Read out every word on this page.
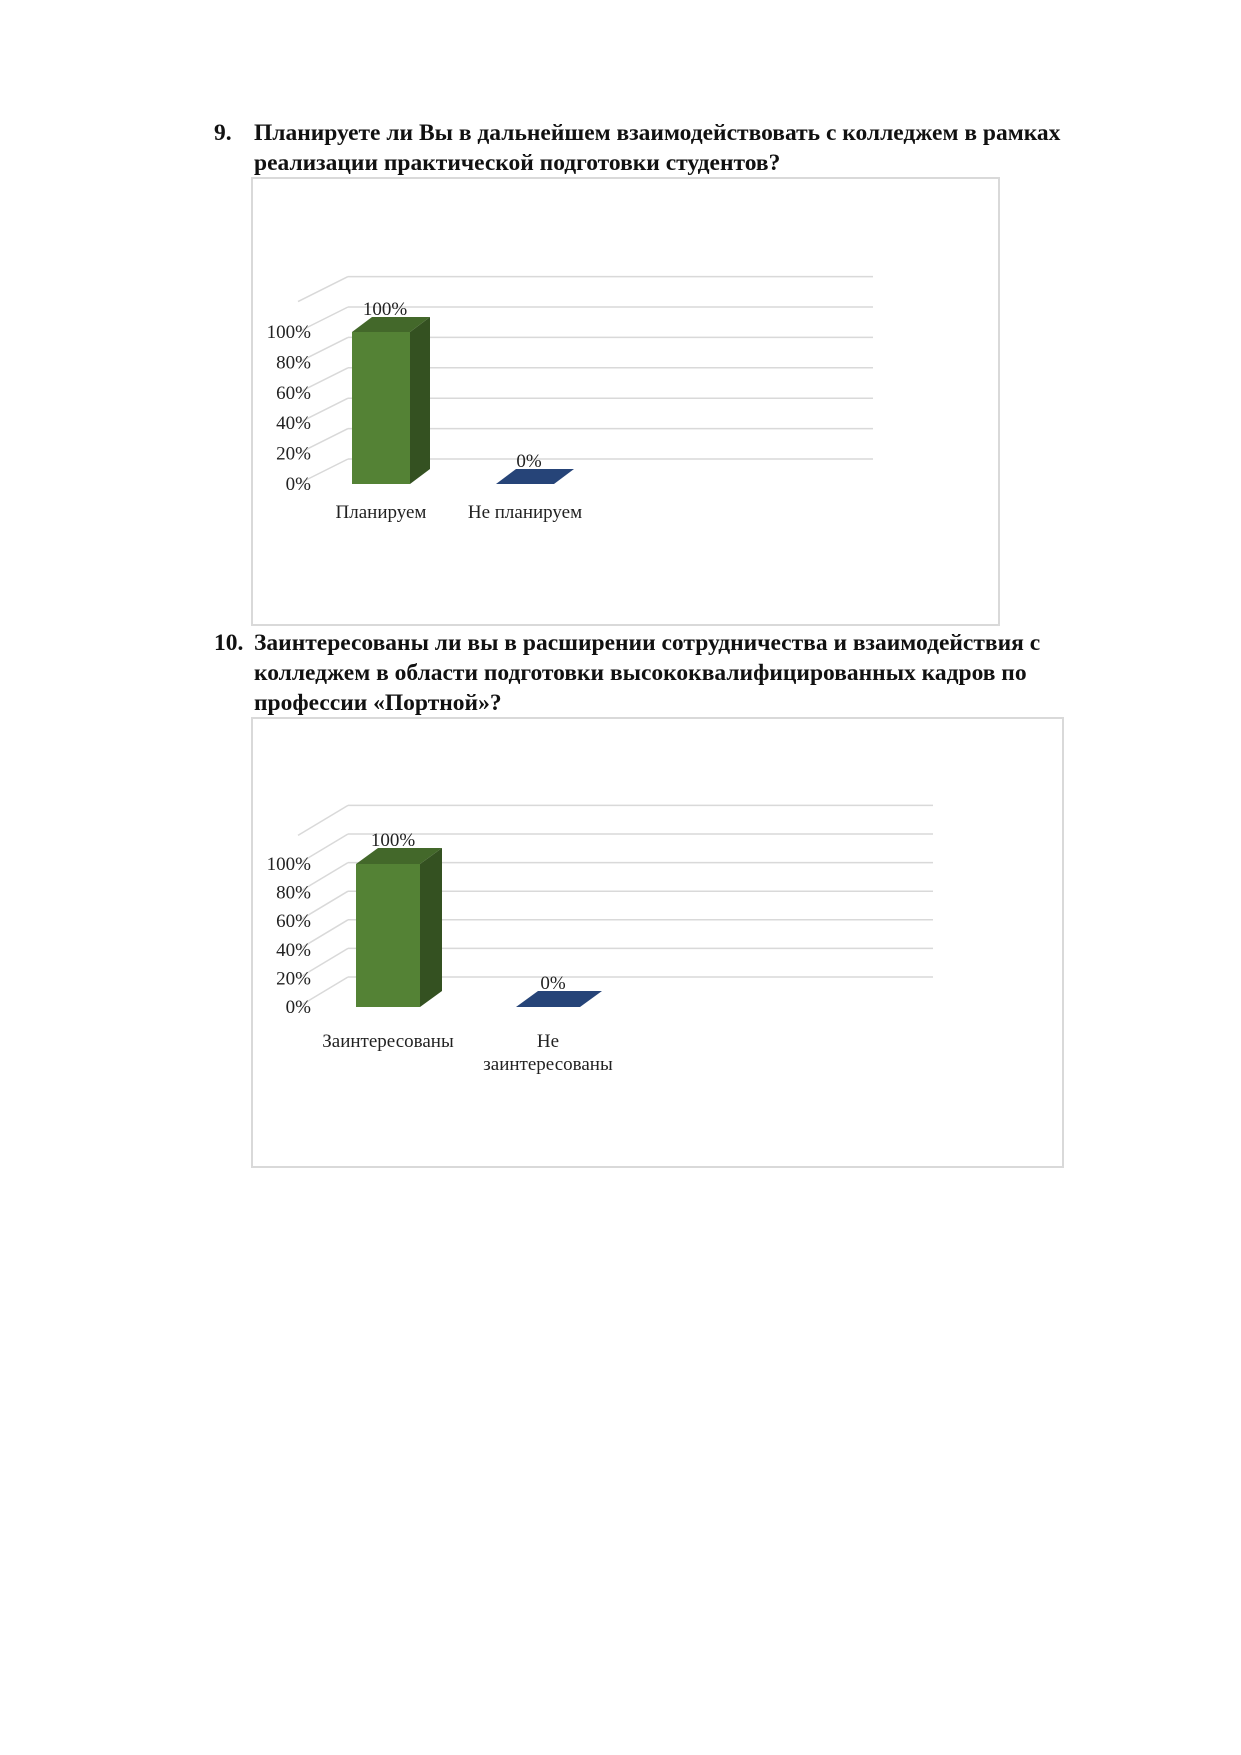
9. Планируете ли Вы в дальнейшем взаимодействовать с колледжем в рамках
реализации практической подготовки студентов?
0%
20%
40%
60%
80%
100%
100%
Планируем
0%
Не планируем
10. Заинтересованы ли вы в расширении сотрудничества и взаимодействия с
колледжем в области подготовки высококвалифицированных кадров по
профессии «Портной»?
0%
20%
40%
60%
80%
100%
100%
Заинтересованы
0%
Не
заинтересованы
